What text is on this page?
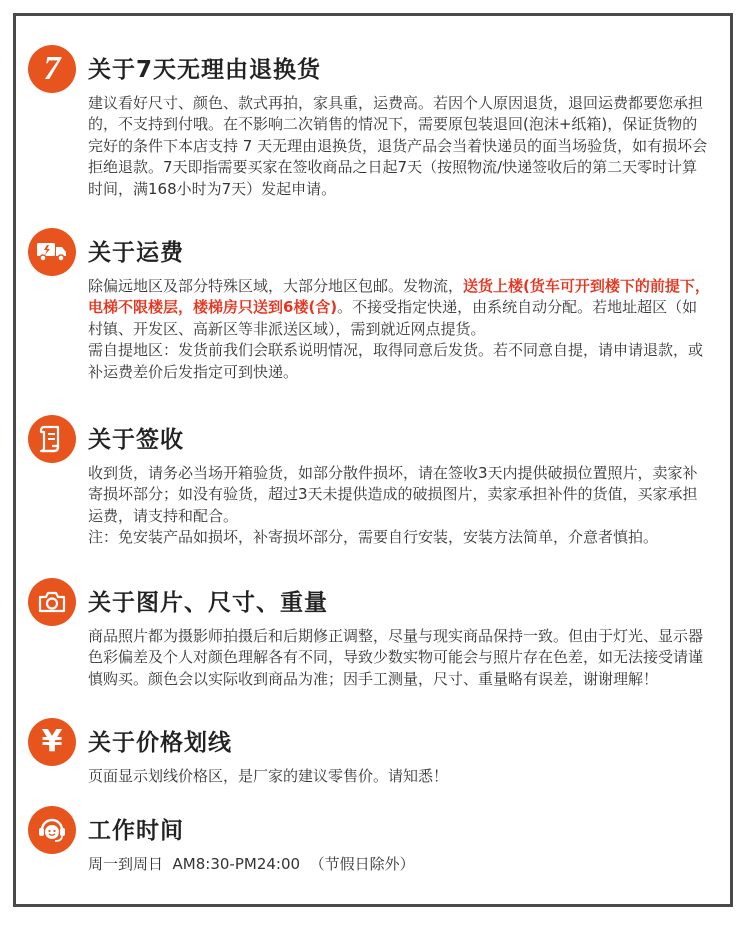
7 关于7天无理由退换货

建议看好尺寸、颜色、款式再拍，家具重，运费高。若因个人原因退货，退回运费都要您承担的，不支持到付哦。在不影响二次销售的情况下，需要原包装退回(泡沫+纸箱)，保证货物的完好的条件下本店支持 7 天无理由退换货，退货产品会当着快递员的面当场验货，如有损坏会拒绝退款。7天即指需要买家在签收商品之日起7天（按照物流/快递签收后的第二天零时计算时间，满168小时为7天）发起申请。

关于运费

除偏远地区及部分特殊区域，大部分地区包邮。发物流，送货上楼(货车可开到楼下的前提下，电梯不限楼层，楼梯房只送到6楼(含)。不接受指定快递，由系统自动分配。若地址超区（如村镇、开发区、高新区等非派送区域），需到就近网点提货。

需自提地区：发货前我们会联系说明情况，取得同意后发货。若不同意自提，请申请退款，或补运费差价后发指定可到快递。

关于签收

收到货，请务必当场开箱验货，如部分散件损坏，请在签收3天内提供破损位置照片，卖家补寄损坏部分；如没有验货，超过3天未提供造成的破损图片，卖家承担补件的货值，买家承担运费，请支持和配合。

注：免安装产品如损坏，补寄损坏部分，需要自行安装，安装方法简单，介意者慎拍。

关于图片、尺寸、重量

商品照片都为摄影师拍摄后和后期修正调整，尽量与现实商品保持一致。但由于灯光、显示器色彩偏差及个人对颜色理解各有不同，导致少数实物可能会与照片存在色差，如无法接受请谨慎购买。颜色会以实际收到商品为准；因手工测量，尺寸、重量略有误差，谢谢理解！

¥ 关于价格划线

页面显示划线价格区，是厂家的建议零售价。请知悉！

工作时间

周一到周日  AM8:30-PM24:00  （节假日除外）
